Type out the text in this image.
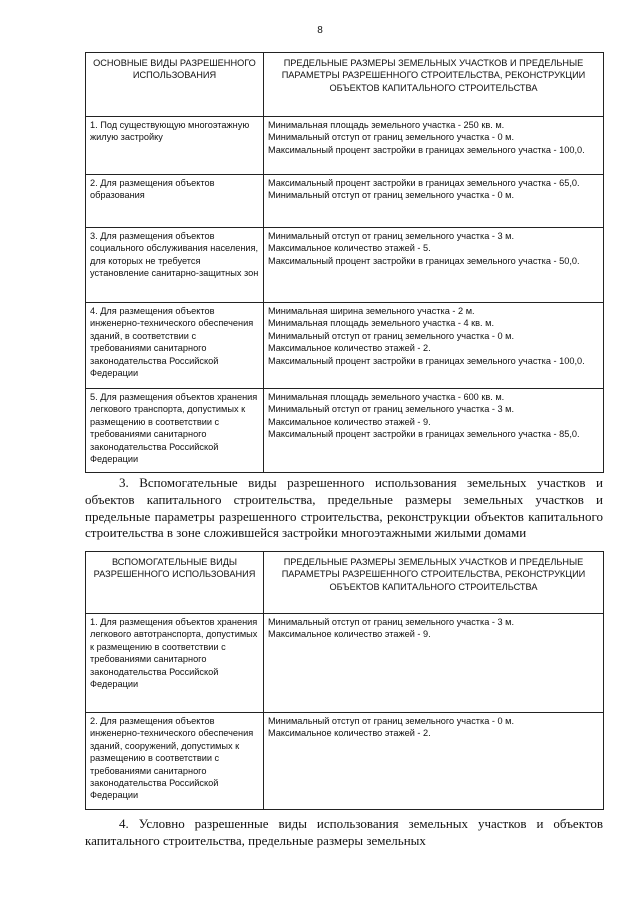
8
ОСНОВНЫЕ ВИДЫ РАЗРЕШЕННОГО ИСПОЛЬЗОВАНИЯ	ПРЕДЕЛЬНЫЕ РАЗМЕРЫ ЗЕМЕЛЬНЫХ УЧАСТКОВ И ПРЕДЕЛЬНЫЕ ПАРАМЕТРЫ РАЗРЕШЕННОГО СТРОИТЕЛЬСТВА, РЕКОНСТРУКЦИИ ОБЪЕКТОВ КАПИТАЛЬНОГО СТРОИТЕЛЬСТВА
1. Под существующую многоэтажную жилую застройку	Минимальная площадь земельного участка - 250 кв. м.
Минимальный отступ от границ земельного участка - 0 м.
Максимальный процент застройки в границах земельного участка - 100,0.

2. Для размещения объектов образования	Максимальный процент застройки в границах земельного участка - 65,0.
Минимальный отступ от границ земельного участка - 0 м.

3. Для размещения объектов социального обслуживания населения, для которых не требуется установление санитарно-защитных зон	Минимальный отступ от границ земельного участка - 3 м.
Максимальное количество этажей - 5.
Максимальный процент застройки в границах земельного участка - 50,0.

4. Для размещения объектов инженерно-технического обеспечения зданий, в соответствии с требованиями санитарного законодательства Российской Федерации	Минимальная ширина земельного участка - 2 м.
Минимальная площадь земельного участка - 4 кв. м.
Минимальный отступ от границ земельного участка - 0 м.
Максимальное количество этажей - 2.
Максимальный процент застройки в границах земельного участка - 100,0.

5. Для размещения объектов хранения легкового транспорта, допустимых к размещению в соответствии с требованиями санитарного законодательства Российской Федерации	Минимальная площадь земельного участка - 600 кв. м.
Минимальный отступ от границ земельного участка - 3 м.
Максимальное количество этажей - 9.
Максимальный процент застройки в границах земельного участка - 85,0.
3. Вспомогательные виды разрешенного использования земельных участков и объектов капитального строительства, предельные размеры земельных участков и предельные параметры разрешенного строительства, реконструкции объектов капитального строительства в зоне сложившейся застройки многоэтажными жилыми домами
ВСПОМОГАТЕЛЬНЫЕ ВИДЫ РАЗРЕШЕННОГО ИСПОЛЬЗОВАНИЯ	ПРЕДЕЛЬНЫЕ РАЗМЕРЫ ЗЕМЕЛЬНЫХ УЧАСТКОВ И ПРЕДЕЛЬНЫЕ ПАРАМЕТРЫ РАЗРЕШЕННОГО СТРОИТЕЛЬСТВА, РЕКОНСТРУКЦИИ ОБЪЕКТОВ КАПИТАЛЬНОГО СТРОИТЕЛЬСТВА
1. Для размещения объектов хранения легкового автотранспорта, допустимых к размещению в соответствии с требованиями санитарного законодательства Российской Федерации	Минимальный отступ от границ земельного участка - 3 м.
Максимальное количество этажей - 9.

2. Для размещения объектов инженерно-технического обеспечения зданий, сооружений, допустимых к размещению в соответствии с требованиями санитарного законодательства Российской Федерации	Минимальный отступ от границ земельного участка - 0 м.
Максимальное количество этажей - 2.
4. Условно разрешенные виды использования земельных участков и объектов капитального строительства, предельные размеры земельных
